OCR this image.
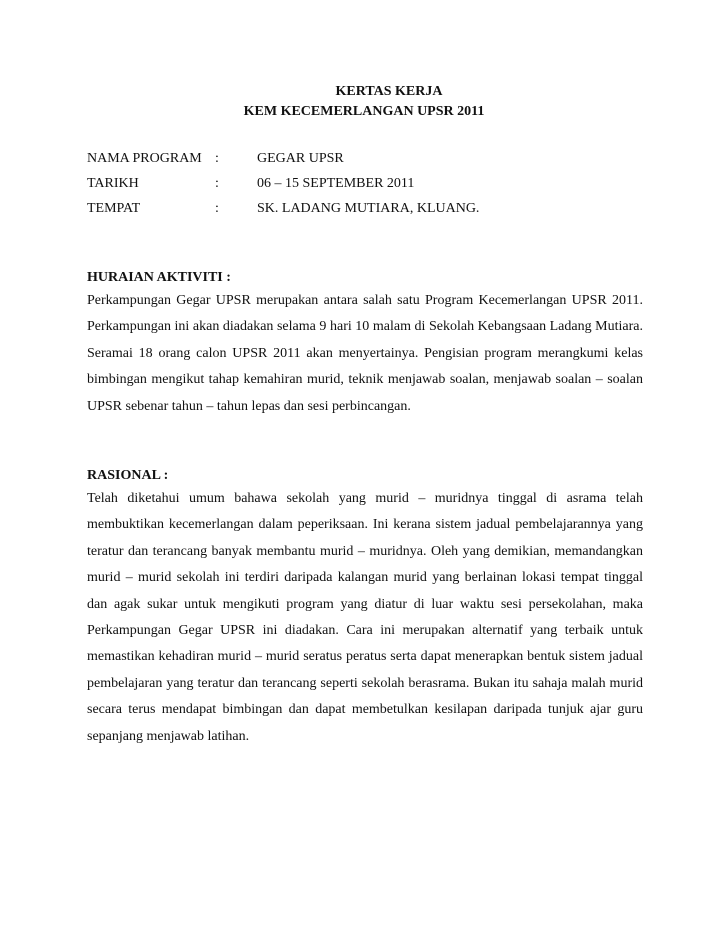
KERTAS KERJA
KEM KECEMERLANGAN UPSR 2011
NAMA PROGRAM :	GEGAR UPSR
TARIKH	:	06 – 15 SEPTEMBER 2011
TEMPAT	:	SK. LADANG MUTIARA, KLUANG.

HURAIAN AKTIVITI :

Perkampungan Gegar UPSR merupakan antara salah satu Program Kecemerlangan UPSR 2011. Perkampungan ini akan diadakan selama 9 hari 10 malam di Sekolah Kebangsaan Ladang Mutiara. Seramai 18 orang calon UPSR 2011 akan menyertainya. Pengisian program merangkumi kelas bimbingan mengikut tahap kemahiran murid, teknik menjawab soalan, menjawab soalan – soalan UPSR sebenar tahun – tahun lepas dan sesi perbincangan.

RASIONAL :

Telah diketahui umum bahawa sekolah yang murid – muridnya tinggal di asrama telah membuktikan kecemerlangan dalam peperiksaan. Ini kerana sistem jadual pembelajarannya yang teratur dan terancang banyak membantu murid – muridnya. Oleh yang demikian, memandangkan murid – murid sekolah ini terdiri daripada kalangan murid yang berlainan lokasi tempat tinggal dan agak sukar untuk mengikuti program yang diatur di luar waktu sesi persekolahan, maka Perkampungan Gegar UPSR ini diadakan. Cara ini merupakan alternatif yang terbaik untuk memastikan kehadiran murid – murid seratus peratus serta dapat menerapkan bentuk sistem jadual pembelajaran yang teratur dan terancang seperti sekolah berasrama. Bukan itu sahaja malah murid secara terus mendapat bimbingan dan dapat membetulkan kesilapan daripada tunjuk ajar guru sepanjang menjawab latihan.
